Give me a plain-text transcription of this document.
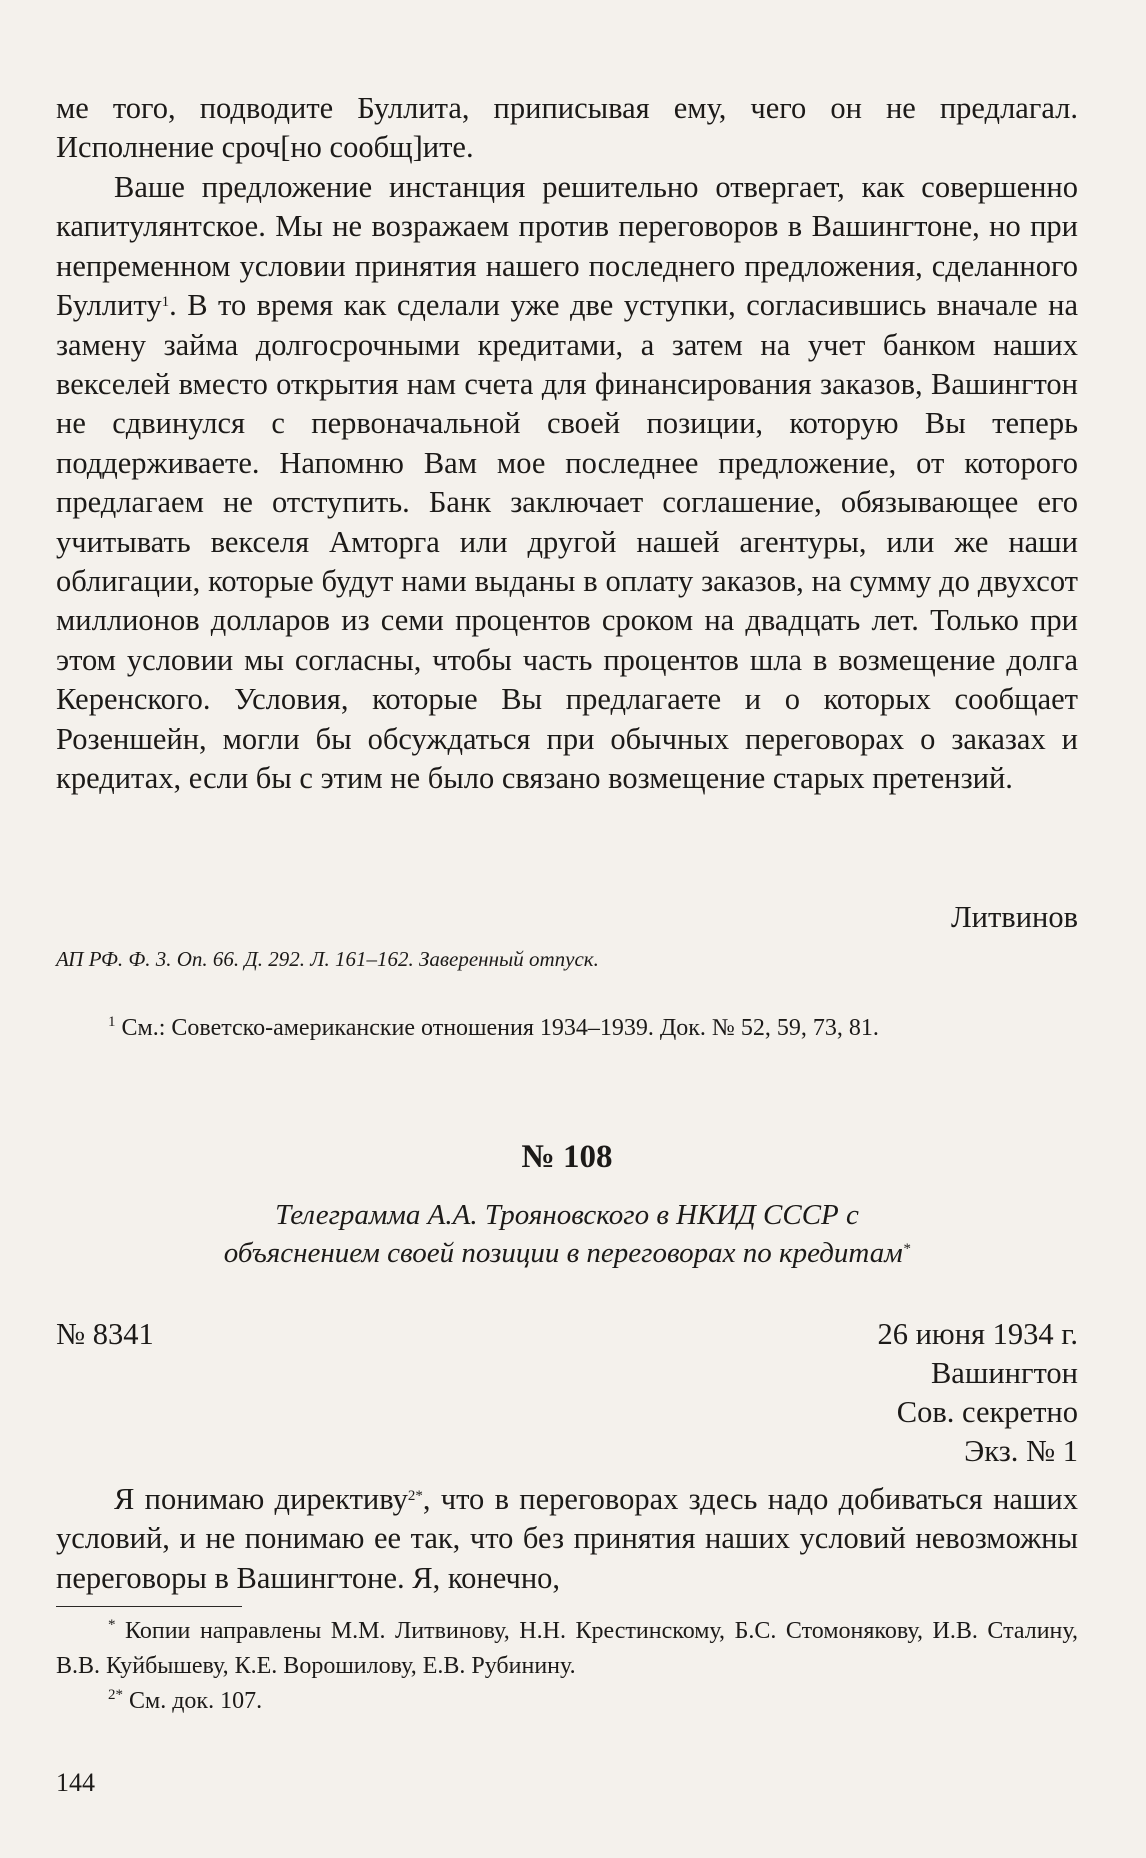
ме того, подводите Буллита, приписывая ему, чего он не предлагал. Исполнение сроч[но сообщ]ите.

Ваше предложение инстанция решительно отвергает, как совершенно капитулянтское. Мы не возражаем против переговоров в Вашингтоне, но при непременном условии принятия нашего последнего предложения, сделанного Буллиту$^1$. В то время как сделали уже две уступки, согласившись вначале на замену займа долгосрочными кредитами, а затем на учет банком наших векселей вместо открытия нам счета для финансирования заказов, Вашингтон не сдвинулся с первоначальной своей позиции, которую Вы теперь поддерживаете. Напомню Вам мое последнее предложение, от которого предлагаем не отступить. Банк заключает соглашение, обязывающее его учитывать векселя Амторга или другой нашей агентуры, или же наши облигации, которые будут нами выданы в оплату заказов, на сумму до двухсот миллионов долларов из семи процентов сроком на двадцать лет. Только при этом условии мы согласны, чтобы часть процентов шла в возмещение долга Керенского. Условия, которые Вы предлагаете и о которых сообщает Розеншейн, могли бы обсуждаться при обычных переговорах о заказах и кредитах, если бы с этим не было связано возмещение старых претензий.

Литвинов

АП РФ. Ф. 3. Оп. 66. Д. 292. Л. 161–162. Заверенный отпуск.

$^1$ См.: Советско-американские отношения 1934–1939. Док. № 52, 59, 73, 81.

№ 108

Телеграмма А.А. Трояновского в НКИД СССР с объяснением своей позиции в переговорах по кредитам*

№ 8341	26 июня 1934 г.
Вашингтон
Сов. секретно
Экз. № 1

Я понимаю директиву$^{2*}$, что в переговорах здесь надо добиваться наших условий, и не понимаю ее так, что без принятия наших условий невозможны переговоры в Вашингтоне. Я, конечно,

* Копии направлены М.М. Литвинову, Н.Н. Крестинскому, Б.С. Стомонякову, И.В. Сталину, В.В. Куйбышеву, К.Е. Ворошилову, Е.В. Рубинину.

$^{2*}$ См. док. 107.

144
